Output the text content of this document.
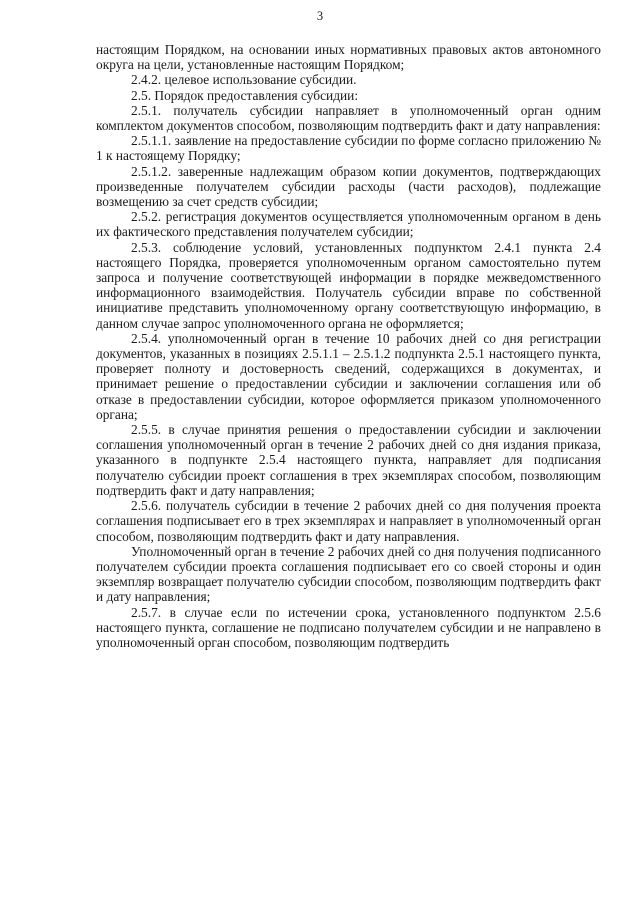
3

настоящим Порядком, на основании иных нормативных правовых актов автономного округа на цели, установленные настоящим Порядком;

2.4.2. целевое использование субсидии.

2.5. Порядок предоставления субсидии:

2.5.1. получатель субсидии направляет в уполномоченный орган одним комплектом документов способом, позволяющим подтвердить факт и дату направления:

2.5.1.1. заявление на предоставление субсидии по форме согласно приложению № 1 к настоящему Порядку;

2.5.1.2. заверенные надлежащим образом копии документов, подтверждающих произведенные получателем субсидии расходы (части расходов), подлежащие возмещению за счет средств субсидии;

2.5.2. регистрация документов осуществляется уполномоченным органом в день их фактического представления получателем субсидии;

2.5.3. соблюдение условий, установленных подпунктом 2.4.1 пункта 2.4 настоящего Порядка, проверяется уполномоченным органом самостоятельно путем запроса и получение соответствующей информации в порядке межведомственного информационного взаимодействия. Получатель субсидии вправе по собственной инициативе представить уполномоченному органу соответствующую информацию, в данном случае запрос уполномоченного органа не оформляется;

2.5.4. уполномоченный орган в течение 10 рабочих дней со дня регистрации документов, указанных в позициях 2.5.1.1 – 2.5.1.2 подпункта 2.5.1 настоящего пункта, проверяет полноту и достоверность сведений, содержащихся в документах, и принимает решение о предоставлении субсидии и заключении соглашения или об отказе в предоставлении субсидии, которое оформляется приказом уполномоченного органа;

2.5.5. в случае принятия решения о предоставлении субсидии и заключении соглашения уполномоченный орган в течение 2 рабочих дней со дня издания приказа, указанного в подпункте 2.5.4 настоящего пункта, направляет для подписания получателю субсидии проект соглашения в трех экземплярах способом, позволяющим подтвердить факт и дату направления;

2.5.6. получатель субсидии в течение 2 рабочих дней со дня получения проекта соглашения подписывает его в трех экземплярах и направляет в уполномоченный орган способом, позволяющим подтвердить факт и дату направления.

Уполномоченный орган в течение 2 рабочих дней со дня получения подписанного получателем субсидии проекта соглашения подписывает его со своей стороны и один экземпляр возвращает получателю субсидии способом, позволяющим подтвердить факт и дату направления;

2.5.7. в случае если по истечении срока, установленного подпунктом 2.5.6 настоящего пункта, соглашение не подписано получателем субсидии и не направлено в уполномоченный орган способом, позволяющим подтвердить
